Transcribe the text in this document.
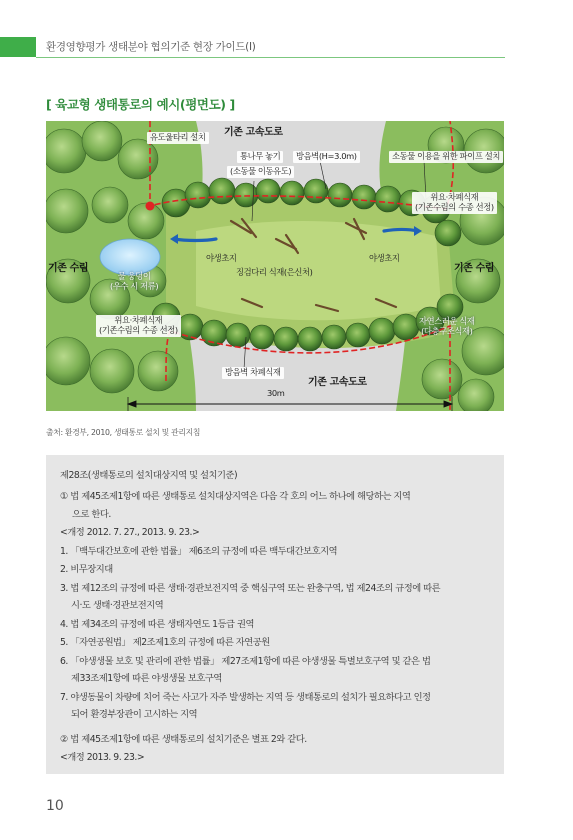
환경영향평가 생태분야 협의기준 현장 가이드(Ⅰ)
[ 육교형 생태통로의 예시(평면도) ]
유도울타리 설치	기존 고속도로
통나무 놓기
(소동물 이동유도)
방음벽(H=3.0m)	소동물 이용을 위한 파이프 설치
위요·차폐식재
(기존수림의 수종 선정)
야생초지	야생초지
기존 수림	기존 수림
징검다리 식재(은신처)
물 웅덩이
(우수 시 저류)
위요·차폐식재
(기존수림의 수종 선정)
자연스러운 식재
(다층구조식재)
방음벽 차폐식재
기존 고속도로
30m
출처: 환경부, 2010, 생태통로 설치 및 관리지침
제28조(생태통로의 설치대상지역 및 설치기준)
① 법 제45조제1항에 따른 생태통로 설치대상지역은 다음 각 호의 어느 하나에 해당하는 지역
으로 한다.
<개정 2012. 7. 27., 2013. 9. 23.>
1. 「백두대간보호에 관한 법률」 제6조의 규정에 따른 백두대간보호지역
2. 비무장지대
3. 법 제12조의 규정에 따른 생태·경관보전지역 중 핵심구역 또는 완충구역, 법 제24조의 규정에 따른
시·도 생태·경관보전지역
4. 법 제34조의 규정에 따른 생태자연도 1등급 권역
5. 「자연공원법」 제2조제1호의 규정에 따른 자연공원
6. 「야생생물 보호 및 관리에 관한 법률」 제27조제1항에 따른 야생생물 특별보호구역 및 같은 법
제33조제1항에 따른 야생생물 보호구역
7. 야생동물이 차량에 치어 죽는 사고가 자주 발생하는 지역 등 생태통로의 설치가 필요하다고 인정
되어 환경부장관이 고시하는 지역
② 법 제45조제1항에 따른 생태통로의 설치기준은 별표 2와 같다.
<개정 2013. 9. 23.>
10
